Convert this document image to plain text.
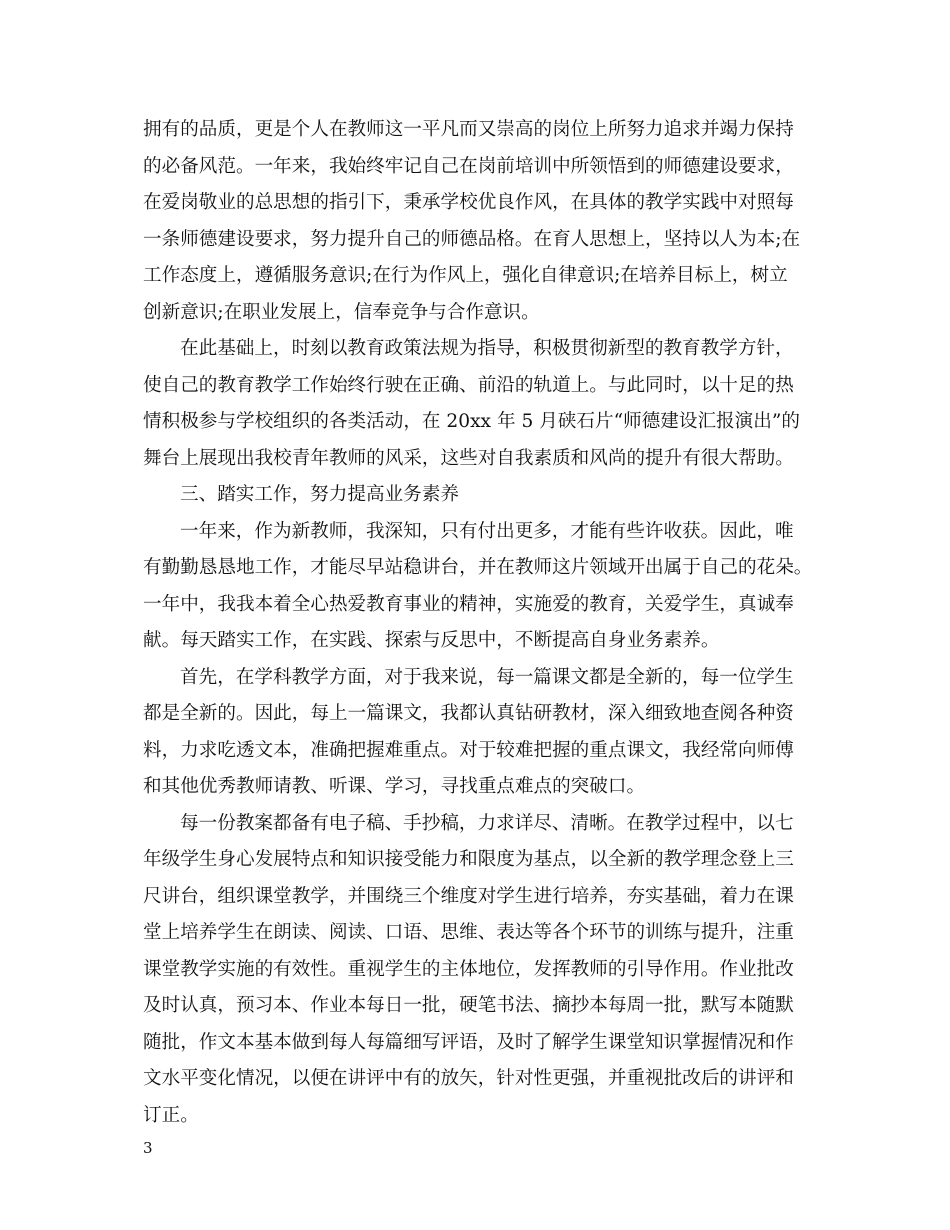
拥有的品质，更是个人在教师这一平凡而又崇高的岗位上所努力追求并竭力保持
的必备风范。一年来，我始终牢记自己在岗前培训中所领悟到的师德建设要求，
在爱岗敬业的总思想的指引下，秉承学校优良作风，在具体的教学实践中对照每
一条师德建设要求，努力提升自己的师德品格。在育人思想上，坚持以人为本;在
工作态度上，遵循服务意识;在行为作风上，强化自律意识;在培养目标上，树立
创新意识;在职业发展上，信奉竞争与合作意识。
在此基础上，时刻以教育政策法规为指导，积极贯彻新型的教育教学方针，
使自己的教育教学工作始终行驶在正确、前沿的轨道上。与此同时，以十足的热
情积极参与学校组织的各类活动，在 20xx 年 5 月硖石片“师德建设汇报演出”的
舞台上展现出我校青年教师的风采，这些对自我素质和风尚的提升有很大帮助。
三、踏实工作，努力提高业务素养
一年来，作为新教师，我深知，只有付出更多，才能有些许收获。因此，唯
有勤勤恳恳地工作，才能尽早站稳讲台，并在教师这片领域开出属于自己的花朵。
一年中，我我本着全心热爱教育事业的精神，实施爱的教育，关爱学生，真诚奉
献。每天踏实工作，在实践、探索与反思中，不断提高自身业务素养。
首先，在学科教学方面，对于我来说，每一篇课文都是全新的，每一位学生
都是全新的。因此，每上一篇课文，我都认真钻研教材，深入细致地查阅各种资
料，力求吃透文本，准确把握难重点。对于较难把握的重点课文，我经常向师傅
和其他优秀教师请教、听课、学习，寻找重点难点的突破口。
每一份教案都备有电子稿、手抄稿，力求详尽、清晰。在教学过程中，以七
年级学生身心发展特点和知识接受能力和限度为基点，以全新的教学理念登上三
尺讲台，组织课堂教学，并围绕三个维度对学生进行培养，夯实基础，着力在课
堂上培养学生在朗读、阅读、口语、思维、表达等各个环节的训练与提升，注重
课堂教学实施的有效性。重视学生的主体地位，发挥教师的引导作用。作业批改
及时认真，预习本、作业本每日一批，硬笔书法、摘抄本每周一批，默写本随默
随批，作文本基本做到每人每篇细写评语，及时了解学生课堂知识掌握情况和作
文水平变化情况，以便在讲评中有的放矢，针对性更强，并重视批改后的讲评和
订正。
3
